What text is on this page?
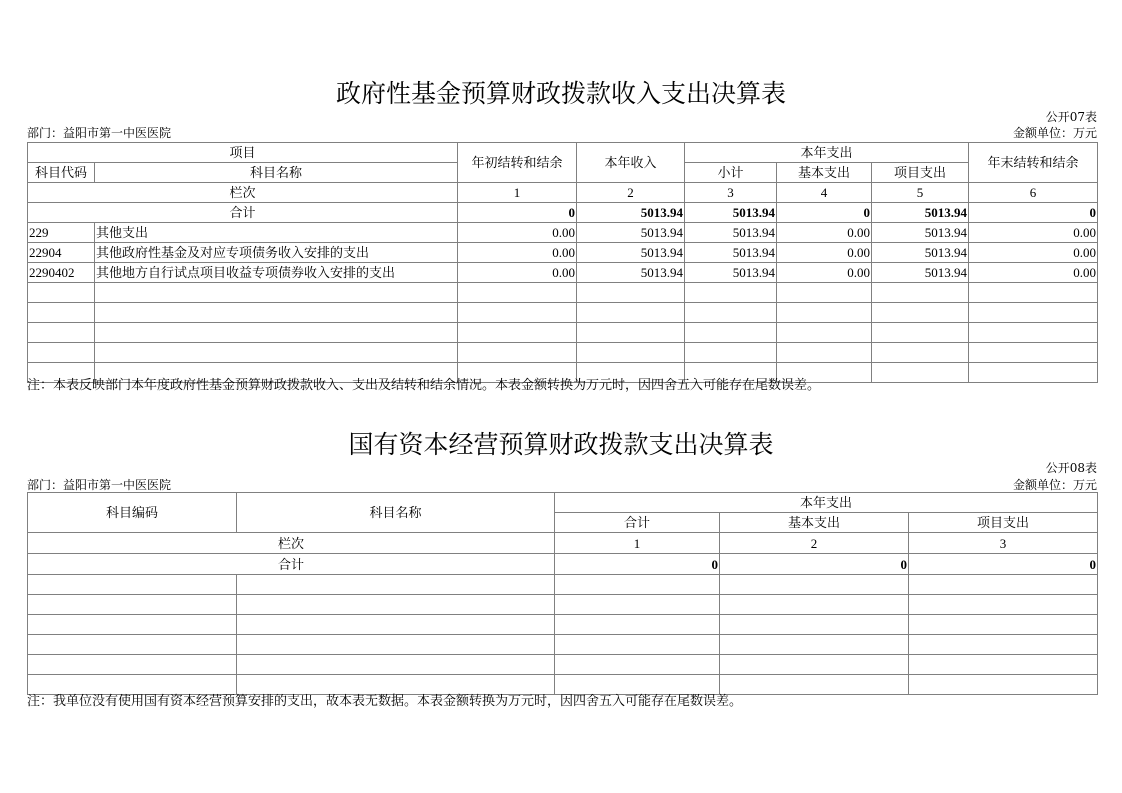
政府性基金预算财政拨款收入支出决算表
公开07表
部门：益阳市第一中医医院	金额单位：万元
项目		年初结转和结余	本年收入	本年支出			年末结转和结余
科目代码	科目名称			小计	基本支出	项目支出	
栏次		1	2	3	4	5	6
合计		0	5013.94	5013.94	0	5013.94	0
229	其他支出	0.00	5013.94	5013.94	0.00	5013.94	0.00
22904	其他政府性基金及对应专项债务收入安排的支出	0.00	5013.94	5013.94	0.00	5013.94	0.00
2290402	其他地方自行试点项目收益专项债券收入安排的支出	0.00	5013.94	5013.94	0.00	5013.94	0.00

注：本表反映部门本年度政府性基金预算财政拨款收入、支出及结转和结余情况。本表金额转换为万元时，因四舍五入可能存在尾数误差。
国有资本经营预算财政拨款支出决算表
公开08表
部门：益阳市第一中医医院	金额单位：万元
科目编码	科目名称	本年支出		
		合计	基本支出	项目支出
栏次		1	2	3
合计		0	0	0

注：我单位没有使用国有资本经营预算安排的支出，故本表无数据。本表金额转换为万元时，因四舍五入可能存在尾数误差。
